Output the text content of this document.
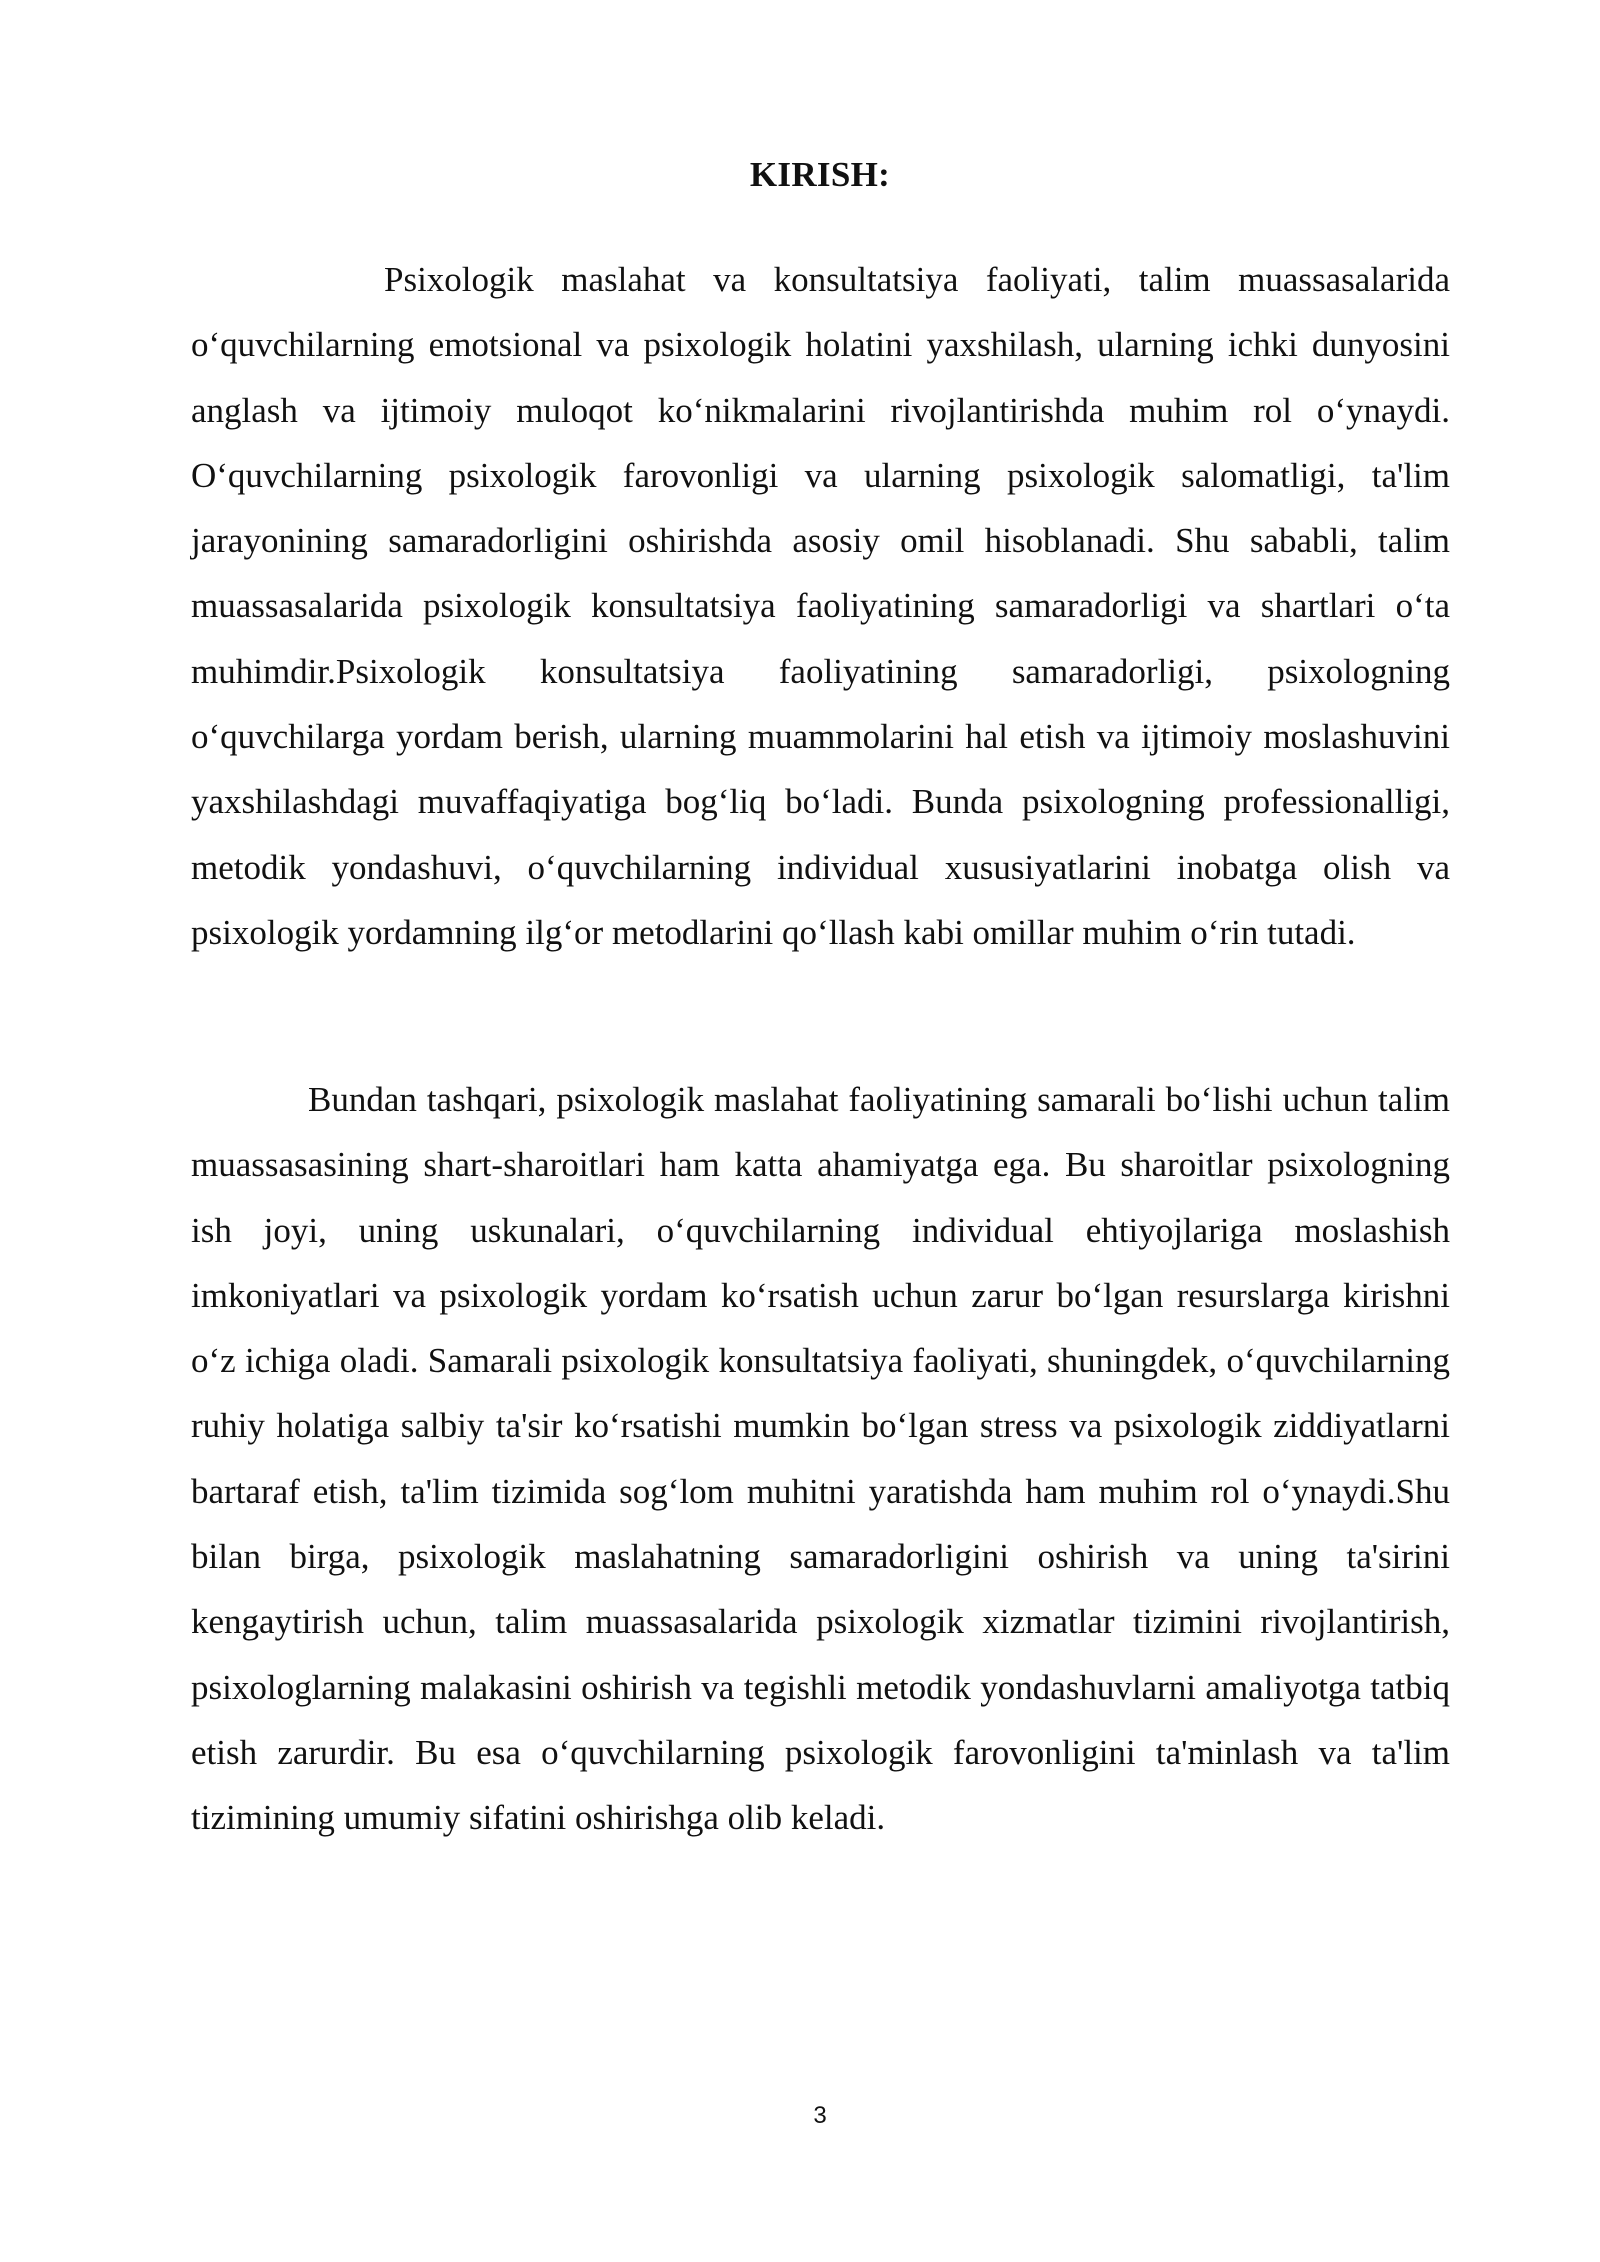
KIRISH:

Psixologik maslahat va konsultatsiya faoliyati, talim muassasalarida o‘quvchilarning emotsional va psixologik holatini yaxshilash, ularning ichki dunyosini anglash va ijtimoiy muloqot ko‘nikmalarini rivojlantirishda muhim rol o‘ynaydi. O‘quvchilarning psixologik farovonligi va ularning psixologik salomatligi, ta'lim jarayonining samaradorligini oshirishda asosiy omil hisoblanadi. Shu sababli, talim muassasalarida psixologik konsultatsiya faoliyatining samaradorligi va shartlari o‘ta muhimdir.Psixologik konsultatsiya faoliyatining samaradorligi, psixologning o‘quvchilarga yordam berish, ularning muammolarini hal etish va ijtimoiy moslashuvini yaxshilashdagi muvaffaqiyatiga bog‘liq bo‘ladi. Bunda psixologning professionalligi, metodik yondashuvi, o‘quvchilarning individual xususiyatlarini inobatga olish va psixologik yordamning ilg‘or metodlarini qo‘llash kabi omillar muhim o‘rin tutadi.

Bundan tashqari, psixologik maslahat faoliyatining samarali bo‘lishi uchun talim muassasasining shart-sharoitlari ham katta ahamiyatga ega. Bu sharoitlar psixologning ish joyi, uning uskunalari, o‘quvchilarning individual ehtiyojlariga moslashish imkoniyatlari va psixologik yordam ko‘rsatish uchun zarur bo‘lgan resurslarga kirishni o‘z ichiga oladi. Samarali psixologik konsultatsiya faoliyati, shuningdek, o‘quvchilarning ruhiy holatiga salbiy ta'sir ko‘rsatishi mumkin bo‘lgan stress va psixologik ziddiyatlarni bartaraf etish, ta'lim tizimida sog‘lom muhitni yaratishda ham muhim rol o‘ynaydi.Shu bilan birga, psixologik maslahatning samaradorligini oshirish va uning ta'sirini kengaytirish uchun, talim muassasalarida psixologik xizmatlar tizimini rivojlantirish, psixologlarning malakasini oshirish va tegishli metodik yondashuvlarni amaliyotga tatbiq etish zarurdir. Bu esa o‘quvchilarning psixologik farovonligini ta'minlash va ta'lim tizimining umumiy sifatini oshirishga olib keladi.

3
